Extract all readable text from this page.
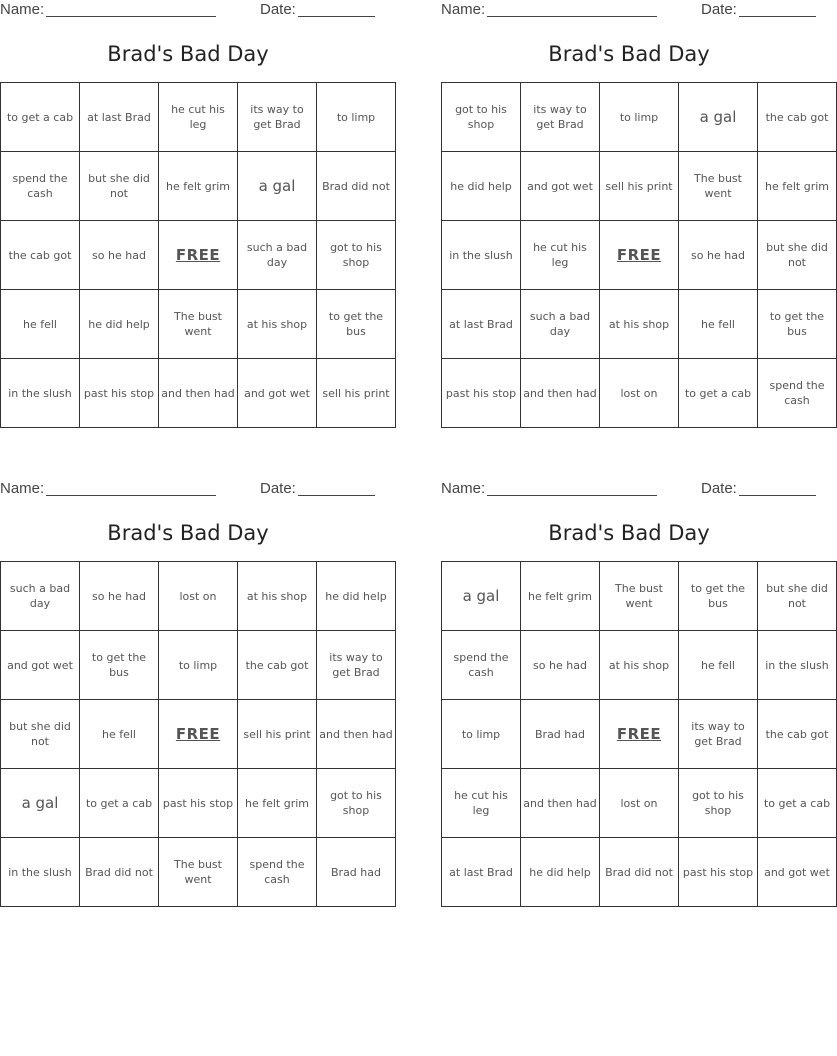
Name:	Date:
Brad's Bad Day
to get a cab	at last Brad	he cut his leg	its way to get Brad	to limp
spend the cash	but she did not	he felt grim	a gal	Brad did not
the cab got	so he had	FREE	such a bad day	got to his shop
he fell	he did help	The bust went	at his shop	to get the bus
in the slush	past his stop	and then had	and got wet	sell his print
Name:	Date:
Brad's Bad Day
got to his shop	its way to get Brad	to limp	a gal	the cab got
he did help	and got wet	sell his print	The bust went	he felt grim
in the slush	he cut his leg	FREE	so he had	but she did not
at last Brad	such a bad day	at his shop	he fell	to get the bus
past his stop	and then had	lost on	to get a cab	spend the cash
Name:	Date:
Brad's Bad Day
such a bad day	so he had	lost on	at his shop	he did help
and got wet	to get the bus	to limp	the cab got	its way to get Brad
but she did not	he fell	FREE	sell his print	and then had
a gal	to get a cab	past his stop	he felt grim	got to his shop
in the slush	Brad did not	The bust went	spend the cash	Brad had
Name:	Date:
Brad's Bad Day
a gal	he felt grim	The bust went	to get the bus	but she did not
spend the cash	so he had	at his shop	he fell	in the slush
to limp	Brad had	FREE	its way to get Brad	the cab got
he cut his leg	and then had	lost on	got to his shop	to get a cab
at last Brad	he did help	Brad did not	past his stop	and got wet
